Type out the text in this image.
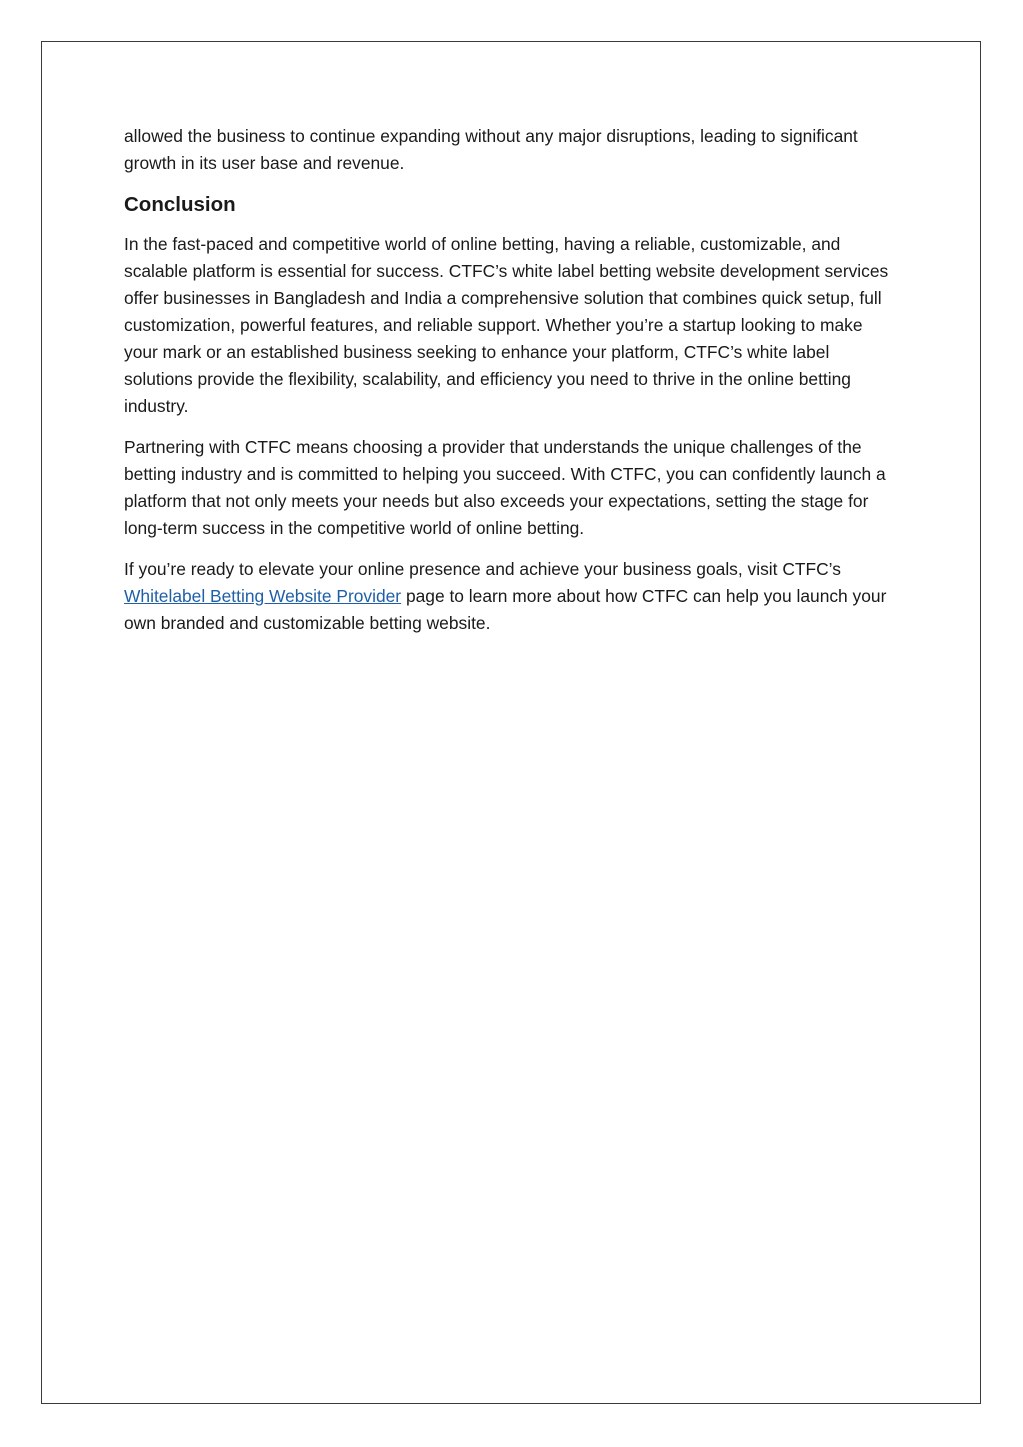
allowed the business to continue expanding without any major disruptions, leading to significant growth in its user base and revenue.

Conclusion

In the fast-paced and competitive world of online betting, having a reliable, customizable, and scalable platform is essential for success. CTFC’s white label betting website development services offer businesses in Bangladesh and India a comprehensive solution that combines quick setup, full customization, powerful features, and reliable support. Whether you’re a startup looking to make your mark or an established business seeking to enhance your platform, CTFC’s white label solutions provide the flexibility, scalability, and efficiency you need to thrive in the online betting industry.

Partnering with CTFC means choosing a provider that understands the unique challenges of the betting industry and is committed to helping you succeed. With CTFC, you can confidently launch a platform that not only meets your needs but also exceeds your expectations, setting the stage for long-term success in the competitive world of online betting.

If you’re ready to elevate your online presence and achieve your business goals, visit CTFC’s Whitelabel Betting Website Provider page to learn more about how CTFC can help you launch your own branded and customizable betting website.
